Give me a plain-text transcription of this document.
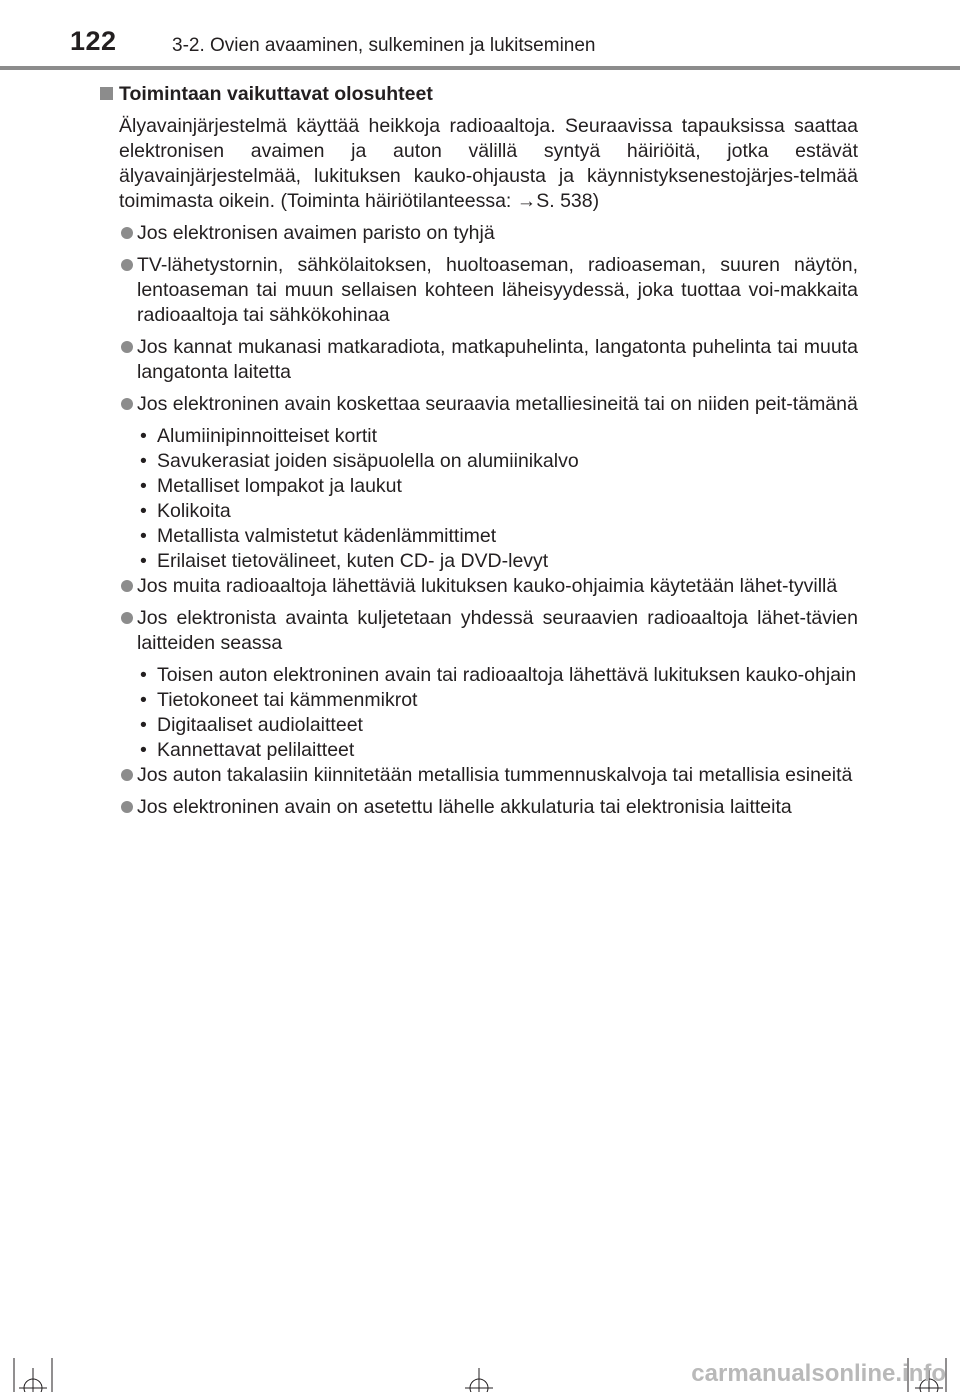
122	3-2. Ovien avaaminen, sulkeminen ja lukitseminen
Toimintaan vaikuttavat olosuhteet
Älyavainjärjestelmä käyttää heikkoja radioaaltoja. Seuraavissa tapauksissa saattaa elektronisen avaimen ja auton välillä syntyä häiriöitä, jotka estävät älyavainjärjestelmää, lukituksen kauko-ohjausta ja käynnistyksenestojärjes-telmää toimimasta oikein. (Toiminta häiriötilanteessa: →S. 538)
Jos elektronisen avaimen paristo on tyhjä
TV-lähetystornin, sähkölaitoksen, huoltoaseman, radioaseman, suuren näytön, lentoaseman tai muun sellaisen kohteen läheisyydessä, joka tuottaa voi-makkaita radioaaltoja tai sähkökohinaa
Jos kannat mukanasi matkaradiota, matkapuhelinta, langatonta puhelinta tai muuta langatonta laitetta
Jos elektroninen avain koskettaa seuraavia metalliesineitä tai on niiden peit-tämänä
• Alumiinipinnoitteiset kortit
• Savukerasiat joiden sisäpuolella on alumiinikalvo
• Metalliset lompakot ja laukut
• Kolikoita
• Metallista valmistetut kädenlämmittimet
• Erilaiset tietovälineet, kuten CD- ja DVD-levyt
Jos muita radioaaltoja lähettäviä lukituksen kauko-ohjaimia käytetään lähet-tyvillä
Jos elektronista avainta kuljetetaan yhdessä seuraavien radioaaltoja lähet-tävien laitteiden seassa
• Toisen auton elektroninen avain tai radioaaltoja lähettävä lukituksen kauko-ohjain
• Tietokoneet tai kämmenmikrot
• Digitaaliset audiolaitteet
• Kannettavat pelilaitteet
Jos auton takalasiin kiinnitetään metallisia tummennuskalvoja tai metallisia esineitä
Jos elektroninen avain on asetettu lähelle akkulaturia tai elektronisia laitteita
carmanualsonline.info
